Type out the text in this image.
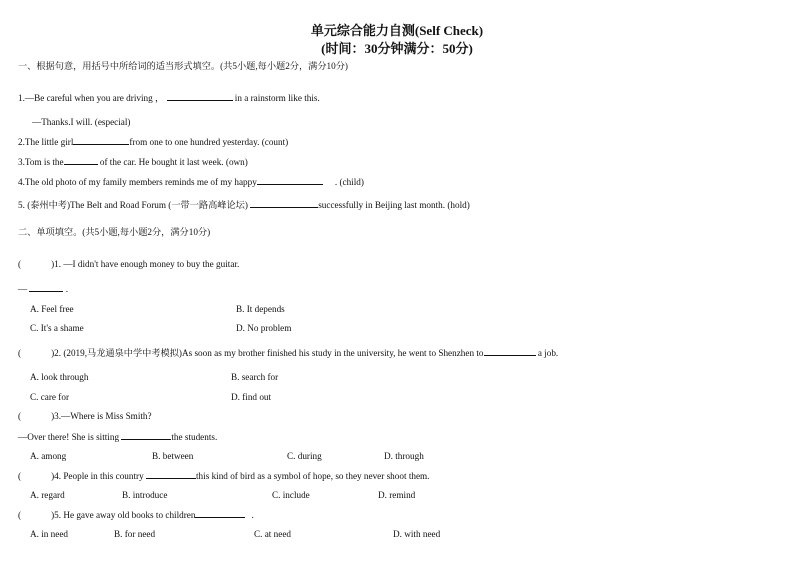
单元综合能力自测(Self Check)
(时间：30分钟满分：50分)
一、根据句意，用括号中所给词的适当形式填空。(共5小题,每小题2分，满分10分)
1.—Be careful when you are driving ，	in a rainstorm like this.
—Thanks.I will. (especial)
2.The little girl	from one to one hundred yesterday. (count)
3.Tom is the	of the car. He bought it last week. (own)
4.The old photo of my family members reminds me of my happy	. (child)
5. (泰州中考)The Belt and Road Forum (一带一路高峰论坛)	successfully in Beijing last month. (hold)
二、单项填空。(共5小题,每小题2分，满分10分)
(	)1. —I didn't have enough money to buy the guitar.
—	.
A. Feel free	B. It depends
C. It's a shame	D. No problem
(	)2. (2019,马龙通泉中学中考模拟)As soon as my brother finished his study in the university, he went to Shenzhen to	a job.
A. look through	B. search for
C. care for	D. find out
(	)3.—Where is Miss Smith?
—Over there! She is sitting	the students.
A. among	B. between	C. during	D. through
(	)4. People in this country	this kind of bird as a symbol of hope, so they never shoot them.
A. regard	B. introduce	C. include	D. remind
(	)5. He gave away old books to children	.
A. in need	B. for need	C. at need	D. with need
